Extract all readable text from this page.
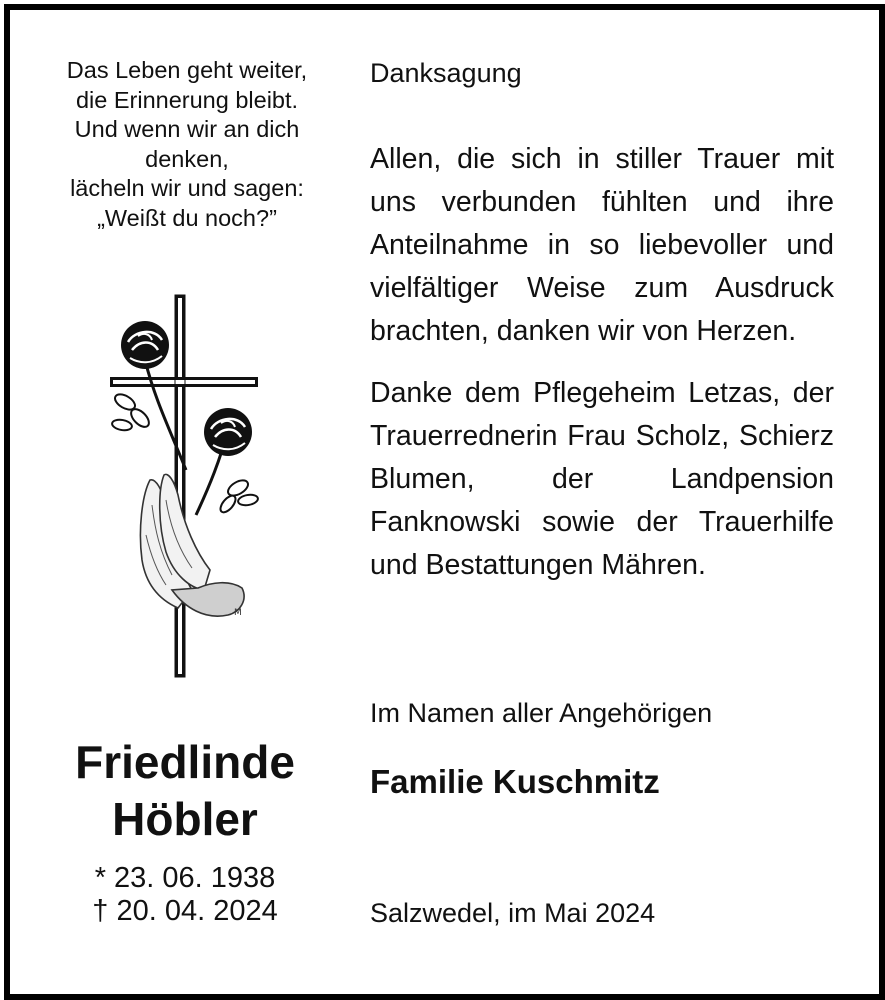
Das Leben geht weiter,
die Erinnerung bleibt.
Und wenn wir an dich
denken,
lächeln wir und sagen:
„Weißt du noch?”
M
Friedlinde
Höbler
* 23. 06. 1938
† 20. 04. 2024
Danksagung
Allen, die sich in stiller Trauer mit uns verbunden fühlten und ihre Anteilnahme in so liebevoller und vielfältiger Weise zum Ausdruck brachten, danken wir von Herzen.
Danke dem Pflegeheim Letzas, der Trauerrednerin Frau Scholz, Schierz Blumen, der Landpension Fanknowski sowie der Trauerhilfe und Bestattungen Mähren.
Im Namen aller Angehörigen
Familie Kuschmitz
Salzwedel, im Mai 2024
